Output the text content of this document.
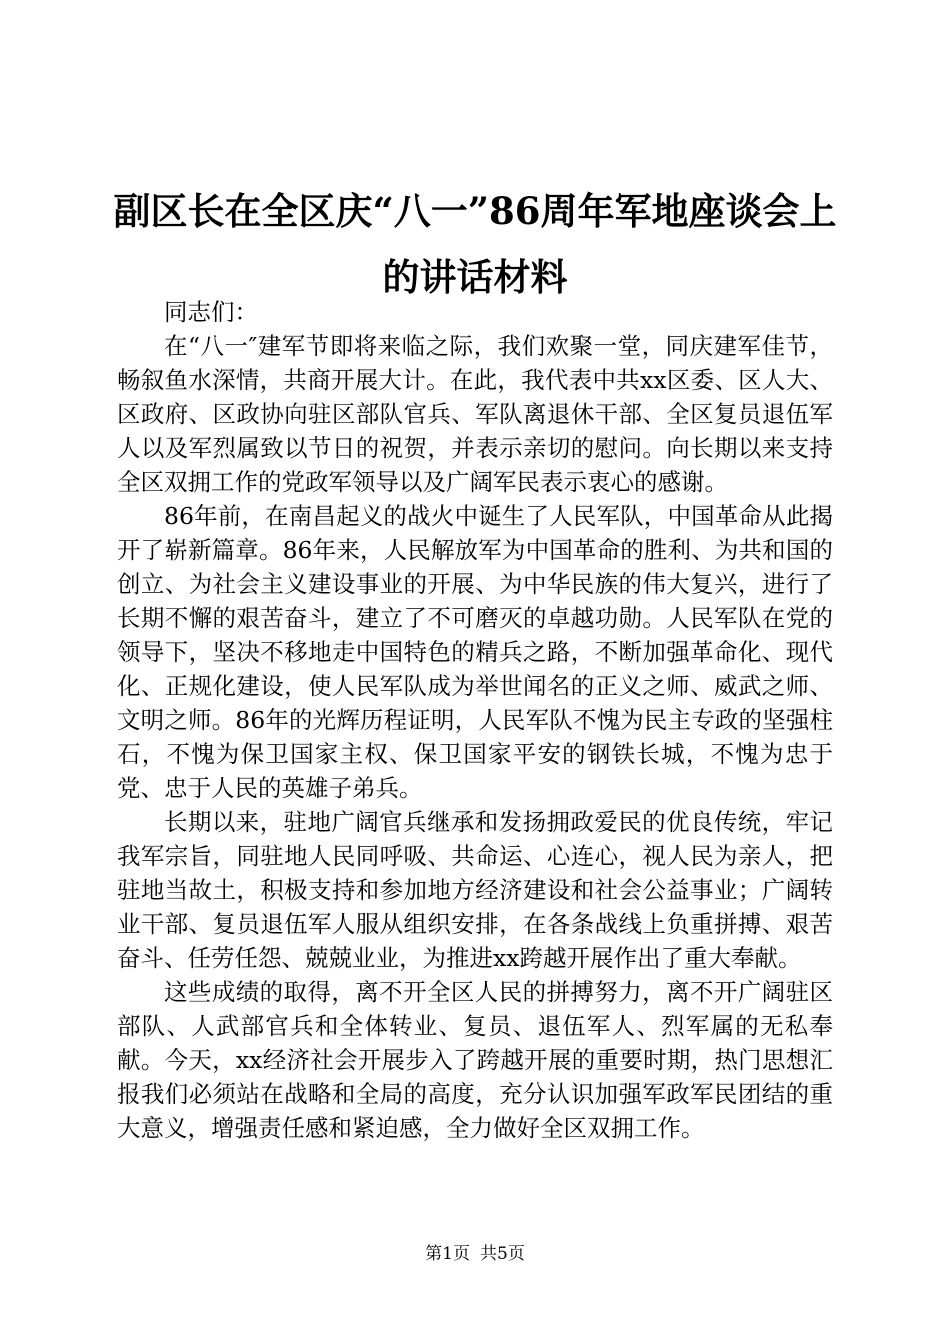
副区长在全区庆“八一”86周年军地座谈会上的讲话材料

同志们：

在“八一″建军节即将来临之际，我们欢聚一堂，同庆建军佳节，畅叙鱼水深情，共商开展大计。在此，我代表中共xx区委、区人大、区政府、区政协向驻区部队官兵、军队离退休干部、全区复员退伍军人以及军烈属致以节日的祝贺，并表示亲切的慰问。向长期以来支持全区双拥工作的党政军领导以及广阔军民表示衷心的感谢。

86年前，在南昌起义的战火中诞生了人民军队，中国革命从此揭开了崭新篇章。86年来，人民解放军为中国革命的胜利、为共和国的创立、为社会主义建设事业的开展、为中华民族的伟大复兴，进行了长期不懈的艰苦奋斗，建立了不可磨灭的卓越功勋。人民军队在党的领导下，坚决不移地走中国特色的精兵之路，不断加强革命化、现代化、正规化建设，使人民军队成为举世闻名的正义之师、威武之师、文明之师。86年的光辉历程证明，人民军队不愧为民主专政的坚强柱石，不愧为保卫国家主权、保卫国家平安的钢铁长城，不愧为忠于党、忠于人民的英雄子弟兵。

长期以来，驻地广阔官兵继承和发扬拥政爱民的优良传统，牢记我军宗旨，同驻地人民同呼吸、共命运、心连心，视人民为亲人，把驻地当故土，积极支持和参加地方经济建设和社会公益事业；广阔转业干部、复员退伍军人服从组织安排，在各条战线上负重拼搏、艰苦奋斗、任劳任怨、兢兢业业，为推进xx跨越开展作出了重大奉献。

这些成绩的取得，离不开全区人民的拼搏努力，离不开广阔驻区部队、人武部官兵和全体转业、复员、退伍军人、烈军属的无私奉献。今天，xx经济社会开展步入了跨越开展的重要时期，热门思想汇报我们必须站在战略和全局的高度，充分认识加强军政军民团结的重大意义，增强责任感和紧迫感，全力做好全区双拥工作。

第1页 共5页
